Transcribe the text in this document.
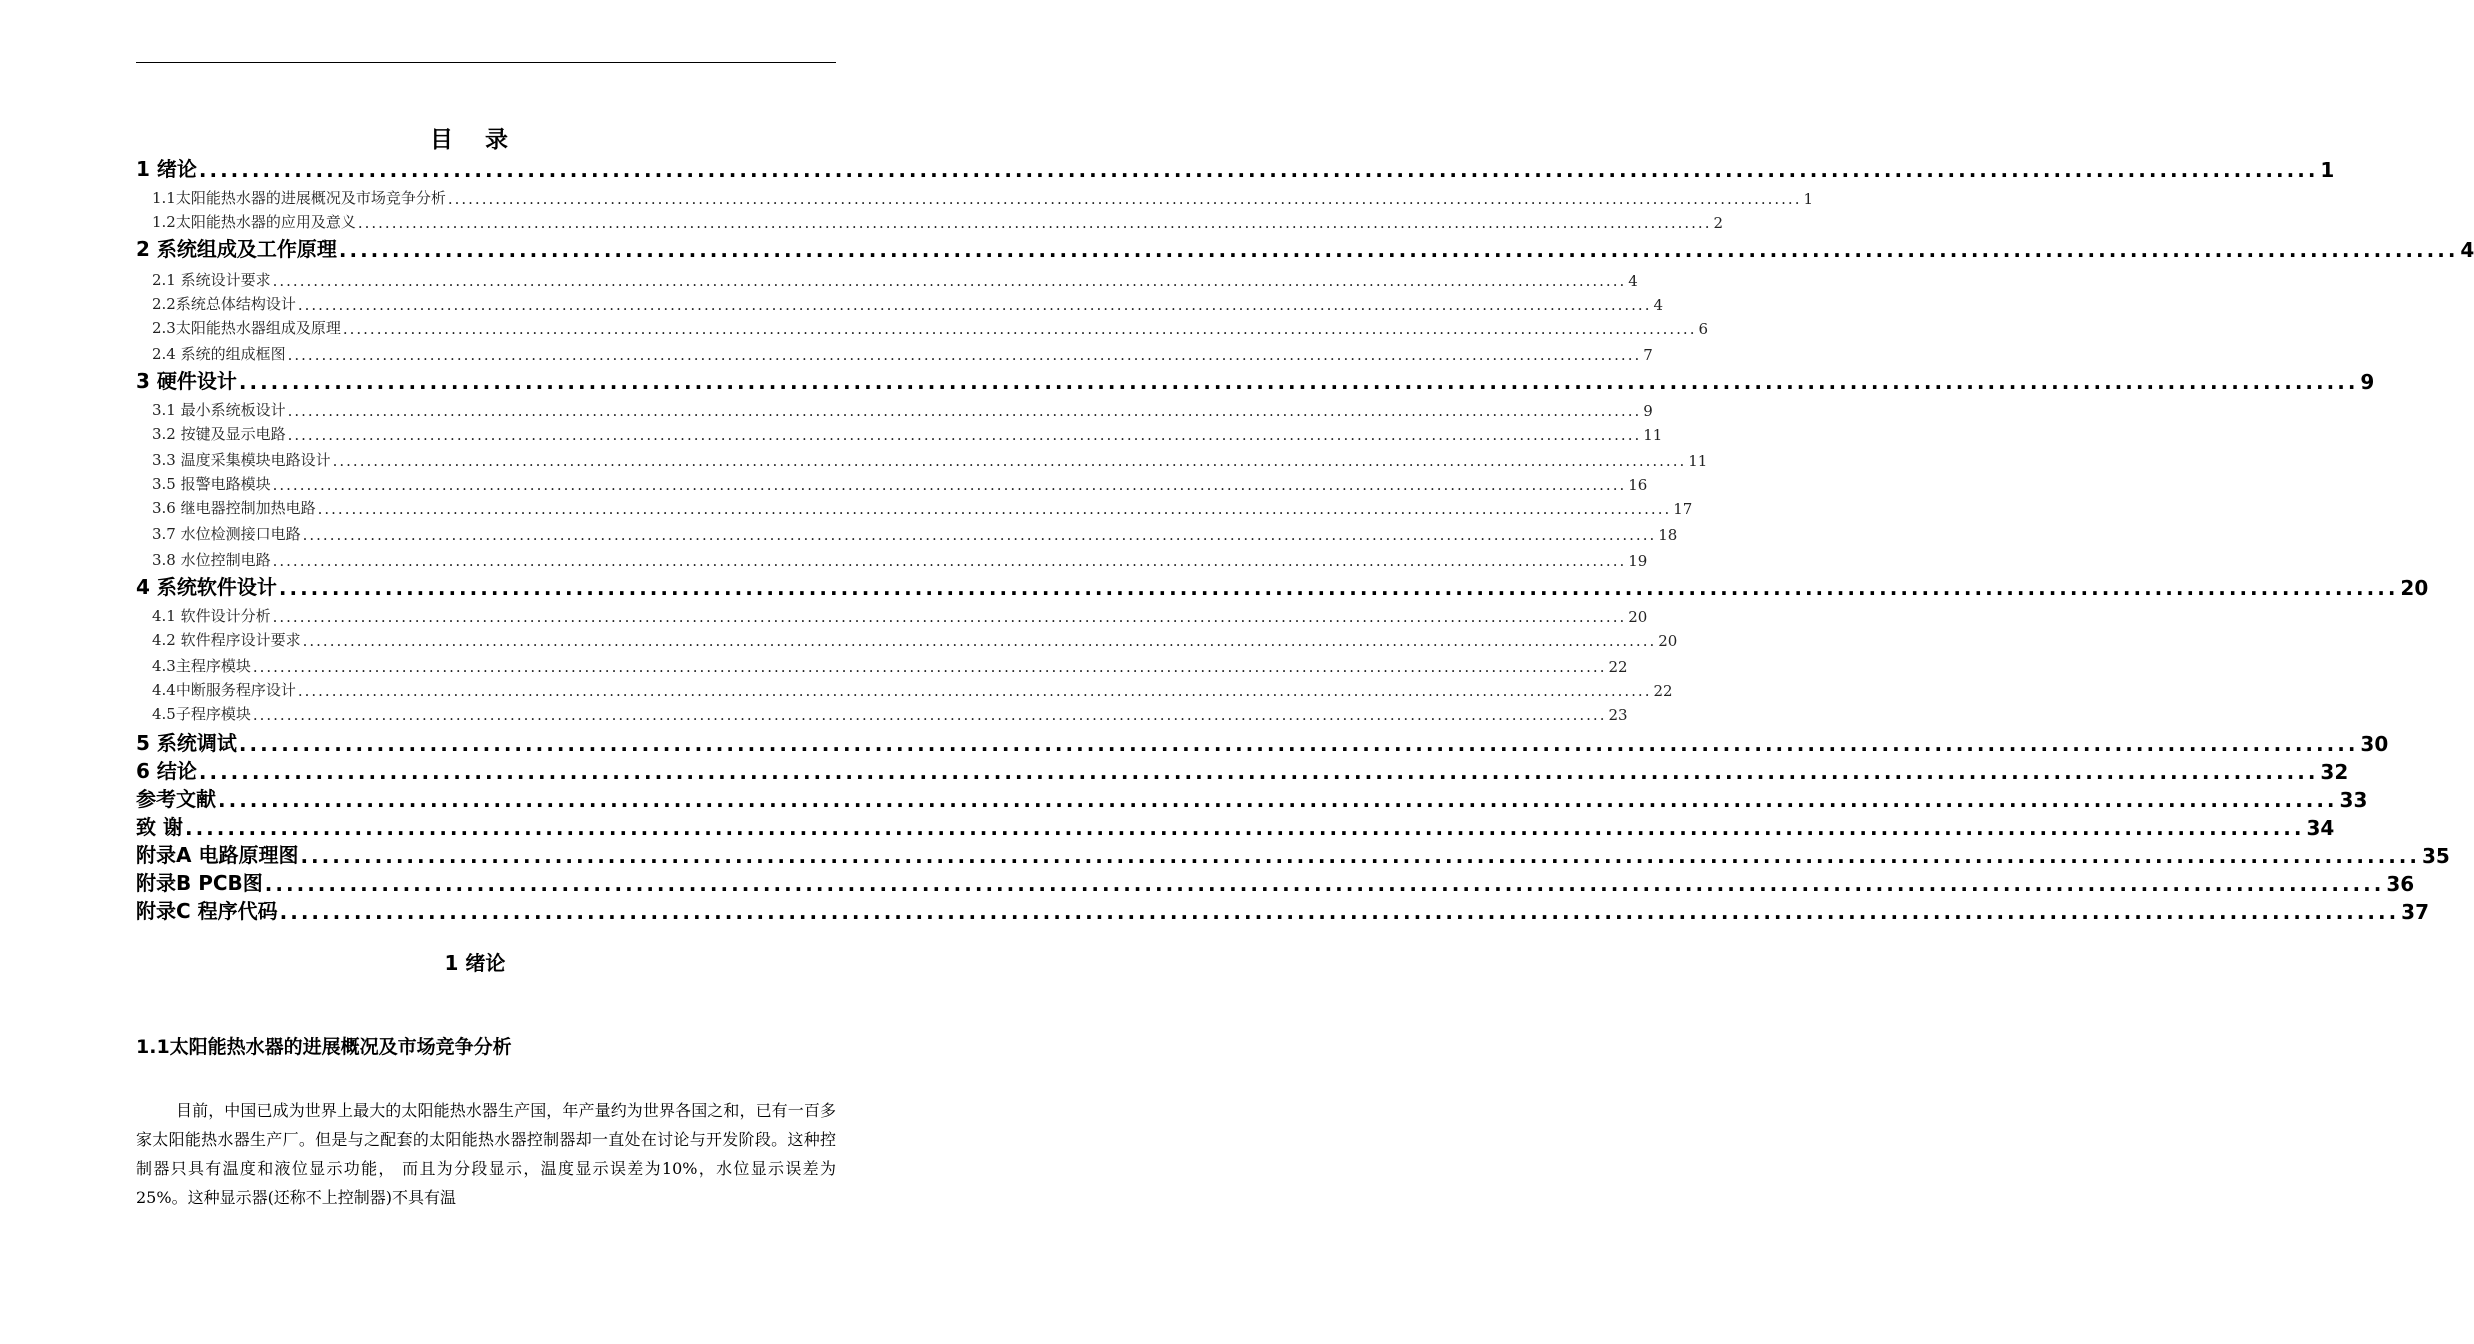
目 录
1 绪论 ........................................................................................................................................................................................................ 1
1.1太阳能热水器的进展概况及市场竞争分析 ........................................................................................................................................................................................................ 1
1.2太阳能热水器的应用及意义 ........................................................................................................................................................................................................ 2
2 系统组成及工作原理 ........................................................................................................................................................................................................ 4
2.1 系统设计要求 ........................................................................................................................................................................................................ 4
2.2系统总体结构设计 ........................................................................................................................................................................................................ 4
2.3太阳能热水器组成及原理 ........................................................................................................................................................................................................ 6
2.4 系统的组成框图 ........................................................................................................................................................................................................ 7
3 硬件设计 ........................................................................................................................................................................................................ 9
3.1 最小系统板设计 ........................................................................................................................................................................................................ 9
3.2 按键及显示电路 ........................................................................................................................................................................................................ 11
3.3 温度采集模块电路设计 ........................................................................................................................................................................................................ 11
3.5 报警电路模块 ........................................................................................................................................................................................................ 16
3.6 继电器控制加热电路 ........................................................................................................................................................................................................ 17
3.7 水位检测接口电路 ........................................................................................................................................................................................................ 18
3.8 水位控制电路 ........................................................................................................................................................................................................ 19
4 系统软件设计 ........................................................................................................................................................................................................ 20
4.1 软件设计分析 ........................................................................................................................................................................................................ 20
4.2 软件程序设计要求 ........................................................................................................................................................................................................ 20
4.3主程序模块 ........................................................................................................................................................................................................ 22
4.4中断服务程序设计 ........................................................................................................................................................................................................ 22
4.5子程序模块 ........................................................................................................................................................................................................ 23
5 系统调试 ........................................................................................................................................................................................................ 30
6 结论 ........................................................................................................................................................................................................ 32
参考文献 ........................................................................................................................................................................................................ 33
致 谢 ........................................................................................................................................................................................................ 34
附录A 电路原理图 ........................................................................................................................................................................................................ 35
附录B PCB图 ........................................................................................................................................................................................................ 36
附录C 程序代码 ........................................................................................................................................................................................................ 37
1 绪论
1.1太阳能热水器的进展概况及市场竞争分析

目前，中国已成为世界上最大的太阳能热水器生产国，年产量约为世界各国之和，已有一百多家太阳能热水器生产厂。但是与之配套的太阳能热水器控制器却一直处在讨论与开发阶段。这种控制器只具有温度和液位显示功能， 而且为分段显示，温度显示误差为10%，水位显示误差为25%。这种显示器(还称不上控制器)不具有温
